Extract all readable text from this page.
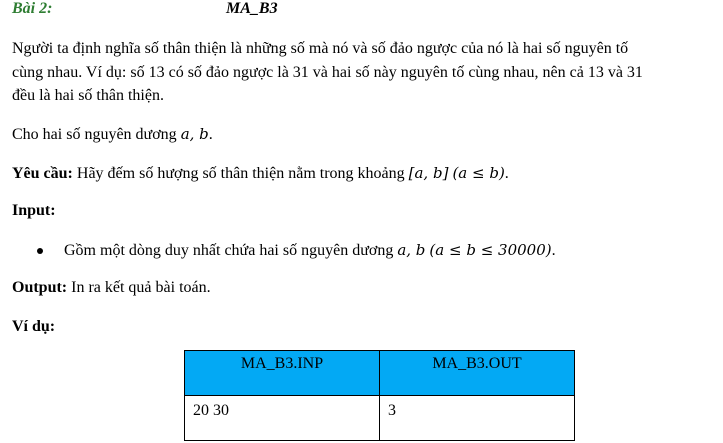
Bài 2:	MA_B3
Người ta định nghĩa số thân thiện là những số mà nó và số đảo ngược của nó là hai số nguyên tố
cùng nhau. Ví dụ: số 13 có số đảo ngược là 31 và hai số này nguyên tố cùng nhau, nên cả 13 và 31
đều là hai số thân thiện.
Cho hai số nguyên dương a, b.
Yêu cầu: Hãy đếm số hượng số thân thiện nằm trong khoảng [a, b] (a ≤ b).
Input:
Gồm một dòng duy nhất chứa hai số nguyên dương a, b (a ≤ b ≤ 30000).
Output: In ra kết quả bài toán.
Ví dụ:
MA_B3.INP	MA_B3.OUT
20 30	3
